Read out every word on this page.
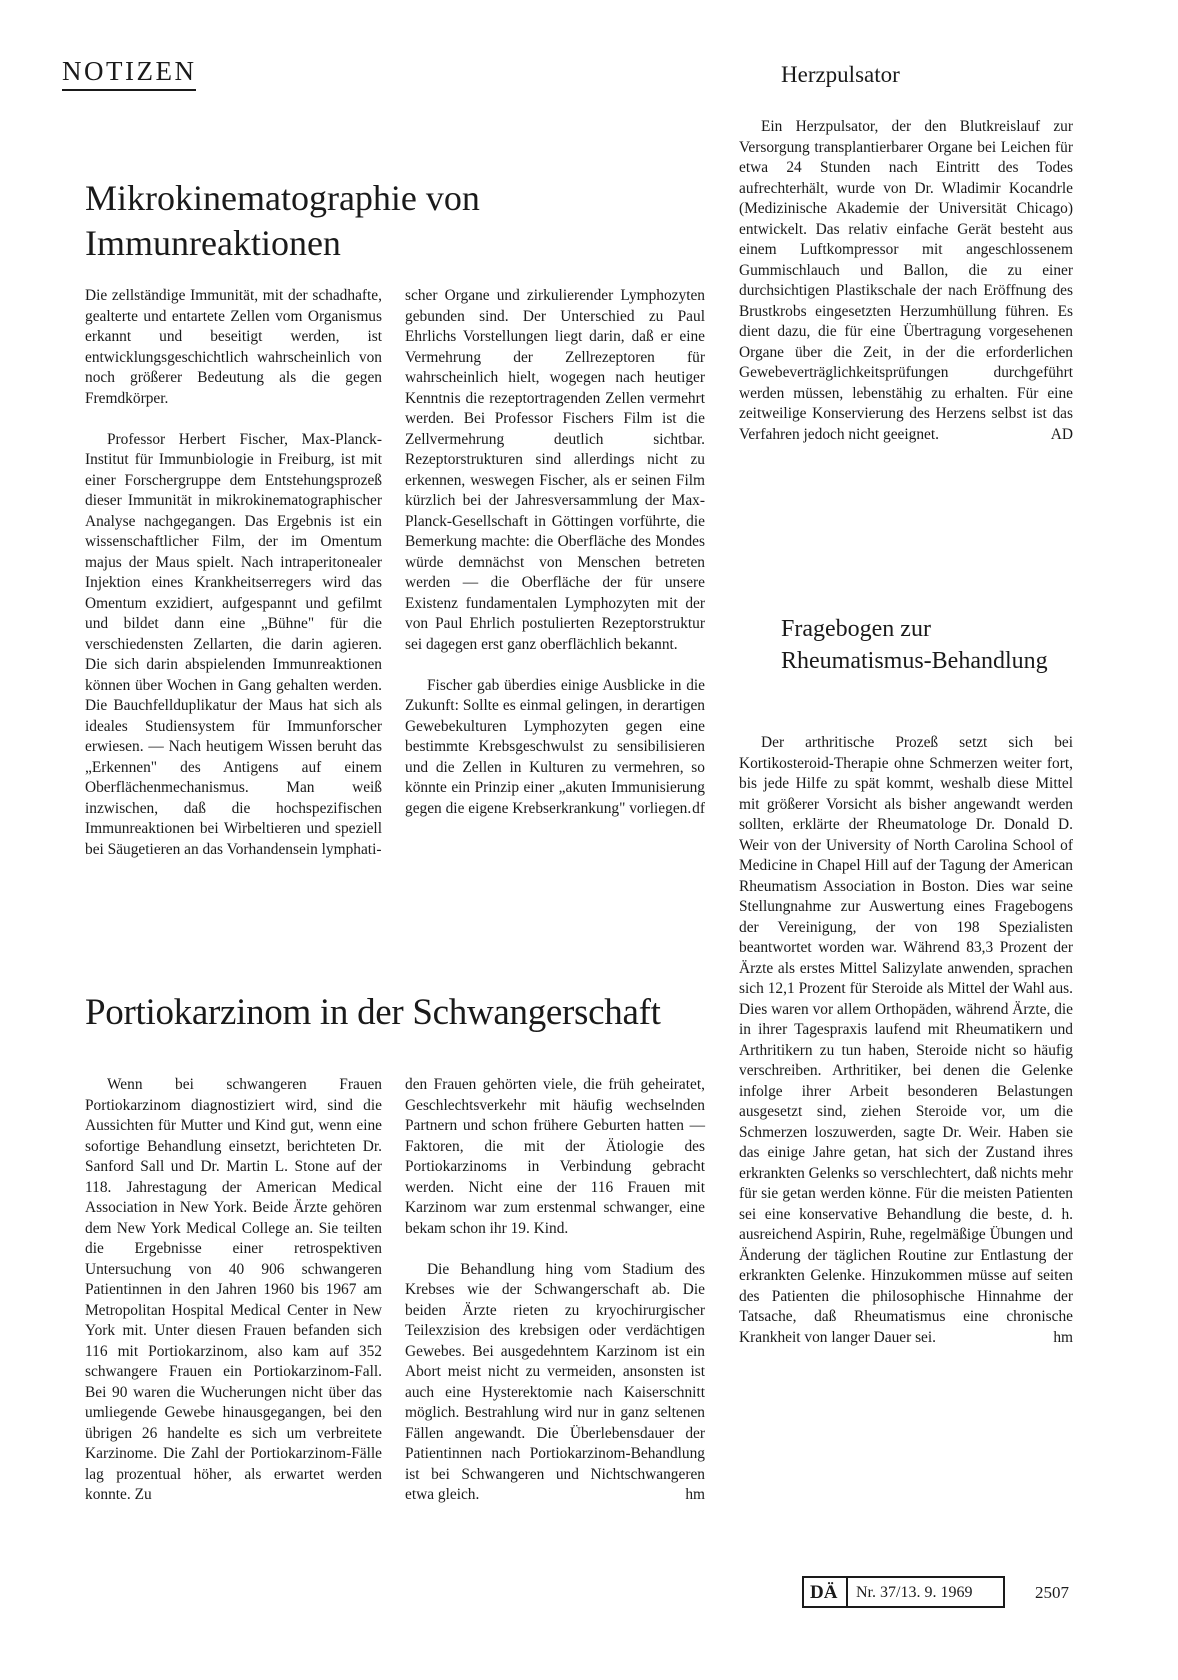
NOTIZEN
Mikrokinematographie von Immunreaktionen

Die zellständige Immunität, mit der schadhafte, gealterte und entartete Zellen vom Organismus erkannt und beseitigt werden, ist entwicklungsgeschichtlich wahrscheinlich von noch größerer Bedeutung als die gegen Fremdkörper.

Professor Herbert Fischer, Max-Planck-Institut für Immunbiologie in Freiburg, ist mit einer Forschergruppe dem Entstehungsprozeß dieser Immunität in mikrokinematographischer Analyse nachgegangen. Das Ergebnis ist ein wissenschaftlicher Film, der im Omentum majus der Maus spielt. Nach intraperitonealer Injektion eines Krankheitserregers wird das Omentum exzidiert, aufgespannt und gefilmt und bildet dann eine „Bühne" für die verschiedensten Zellarten, die darin agieren. Die sich darin abspielenden Immunreaktionen können über Wochen in Gang gehalten werden. Die Bauchfellduplikatur der Maus hat sich als ideales Studiensystem für Immunforscher erwiesen. — Nach heutigem Wissen beruht das „Erkennen" des Antigens auf einem Oberflächenmechanismus. Man weiß inzwischen, daß die hochspezifischen Immunreaktionen bei Wirbeltieren und speziell bei Säugetieren an das Vorhandensein lymphati-

scher Organe und zirkulierender Lymphozyten gebunden sind. Der Unterschied zu Paul Ehrlichs Vorstellungen liegt darin, daß er eine Vermehrung der Zellrezeptoren für wahrscheinlich hielt, wogegen nach heutiger Kenntnis die rezeptortragenden Zellen vermehrt werden. Bei Professor Fischers Film ist die Zellvermehrung deutlich sichtbar. Rezeptorstrukturen sind allerdings nicht zu erkennen, weswegen Fischer, als er seinen Film kürzlich bei der Jahresversammlung der Max-Planck-Gesellschaft in Göttingen vorführte, die Bemerkung machte: die Oberfläche des Mondes würde demnächst von Menschen betreten werden — die Oberfläche der für unsere Existenz fundamentalen Lymphozyten mit der von Paul Ehrlich postulierten Rezeptorstruktur sei dagegen erst ganz oberflächlich bekannt.

Fischer gab überdies einige Ausblicke in die Zukunft: Sollte es einmal gelingen, in derartigen Gewebekulturen Lymphozyten gegen eine bestimmte Krebsgeschwulst zu sensibilisieren und die Zellen in Kulturen zu vermehren, so könnte ein Prinzip einer „akuten Immunisierung gegen die eigene Krebserkrankung" vorliegen. df

Portiokarzinom in der Schwangerschaft

Wenn bei schwangeren Frauen Portiokarzinom diagnostiziert wird, sind die Aussichten für Mutter und Kind gut, wenn eine sofortige Behandlung einsetzt, berichteten Dr. Sanford Sall und Dr. Martin L. Stone auf der 118. Jahrestagung der American Medical Association in New York. Beide Ärzte gehören dem New York Medical College an. Sie teilten die Ergebnisse einer retrospektiven Untersuchung von 40 906 schwangeren Patientinnen in den Jahren 1960 bis 1967 am Metropolitan Hospital Medical Center in New York mit. Unter diesen Frauen befanden sich 116 mit Portiokarzinom, also kam auf 352 schwangere Frauen ein Portiokarzinom-Fall. Bei 90 waren die Wucherungen nicht über das umliegende Gewebe hinausgegangen, bei den übrigen 26 handelte es sich um verbreitete Karzinome. Die Zahl der Portiokarzinom-Fälle lag prozentual höher, als erwartet werden konnte. Zu

den Frauen gehörten viele, die früh geheiratet, Geschlechtsverkehr mit häufig wechselnden Partnern und schon frühere Geburten hatten — Faktoren, die mit der Ätiologie des Portiokarzinoms in Verbindung gebracht werden. Nicht eine der 116 Frauen mit Karzinom war zum erstenmal schwanger, eine bekam schon ihr 19. Kind.

Die Behandlung hing vom Stadium des Krebses wie der Schwangerschaft ab. Die beiden Ärzte rieten zu kryochirurgischer Teilexzision des krebsigen oder verdächtigen Gewebes. Bei ausgedehntem Karzinom ist ein Abort meist nicht zu vermeiden, ansonsten ist auch eine Hysterektomie nach Kaiserschnitt möglich. Bestrahlung wird nur in ganz seltenen Fällen angewandt. Die Überlebensdauer der Patientinnen nach Portiokarzinom-Behandlung ist bei Schwangeren und Nichtschwangeren etwa gleich.	hm

Herzpulsator

Ein Herzpulsator, der den Blutkreislauf zur Versorgung transplantierbarer Organe bei Leichen für etwa 24 Stunden nach Eintritt des Todes aufrechterhält, wurde von Dr. Wladimir Kocandrle (Medizinische Akademie der Universität Chicago) entwickelt. Das relativ einfache Gerät besteht aus einem Luftkompressor mit angeschlossenem Gummischlauch und Ballon, die zu einer durchsichtigen Plastikschale der nach Eröffnung des Brustkrobs eingesetzten Herzumhüllung führen. Es dient dazu, die für eine Übertragung vorgesehenen Organe über die Zeit, in der die erforderlichen Gewebeverträglichkeitsprüfungen durchgeführt werden müssen, lebenstähig zu erhalten. Für eine zeitweilige Konservierung des Herzens selbst ist das Verfahren jedoch nicht geeignet.	AD

Fragebogen zur Rheumatismus-Behandlung

Der arthritische Prozeß setzt sich bei Kortikosteroid-Therapie ohne Schmerzen weiter fort, bis jede Hilfe zu spät kommt, weshalb diese Mittel mit größerer Vorsicht als bisher angewandt werden sollten, erklärte der Rheumatologe Dr. Donald D. Weir von der University of North Carolina School of Medicine in Chapel Hill auf der Tagung der American Rheumatism Association in Boston. Dies war seine Stellungnahme zur Auswertung eines Fragebogens der Vereinigung, der von 198 Spezialisten beantwortet worden war. Während 83,3 Prozent der Ärzte als erstes Mittel Salizylate anwenden, sprachen sich 12,1 Prozent für Steroide als Mittel der Wahl aus. Dies waren vor allem Orthopäden, während Ärzte, die in ihrer Tagespraxis laufend mit Rheumatikern und Arthritikern zu tun haben, Steroide nicht so häufig verschreiben. Arthritiker, bei denen die Gelenke infolge ihrer Arbeit besonderen Belastungen ausgesetzt sind, ziehen Steroide vor, um die Schmerzen loszuwerden, sagte Dr. Weir. Haben sie das einige Jahre getan, hat sich der Zustand ihres erkrankten Gelenks so verschlechtert, daß nichts mehr für sie getan werden könne. Für die meisten Patienten sei eine konservative Behandlung die beste, d. h. ausreichend Aspirin, Ruhe, regelmäßige Übungen und Änderung der täglichen Routine zur Entlastung der erkrankten Gelenke. Hinzukommen müsse auf seiten des Patienten die philosophische Hinnahme der Tatsache, daß Rheumatismus eine chronische Krankheit von langer Dauer sei.	hm

DÄ Nr. 37/13. 9. 1969	2507
